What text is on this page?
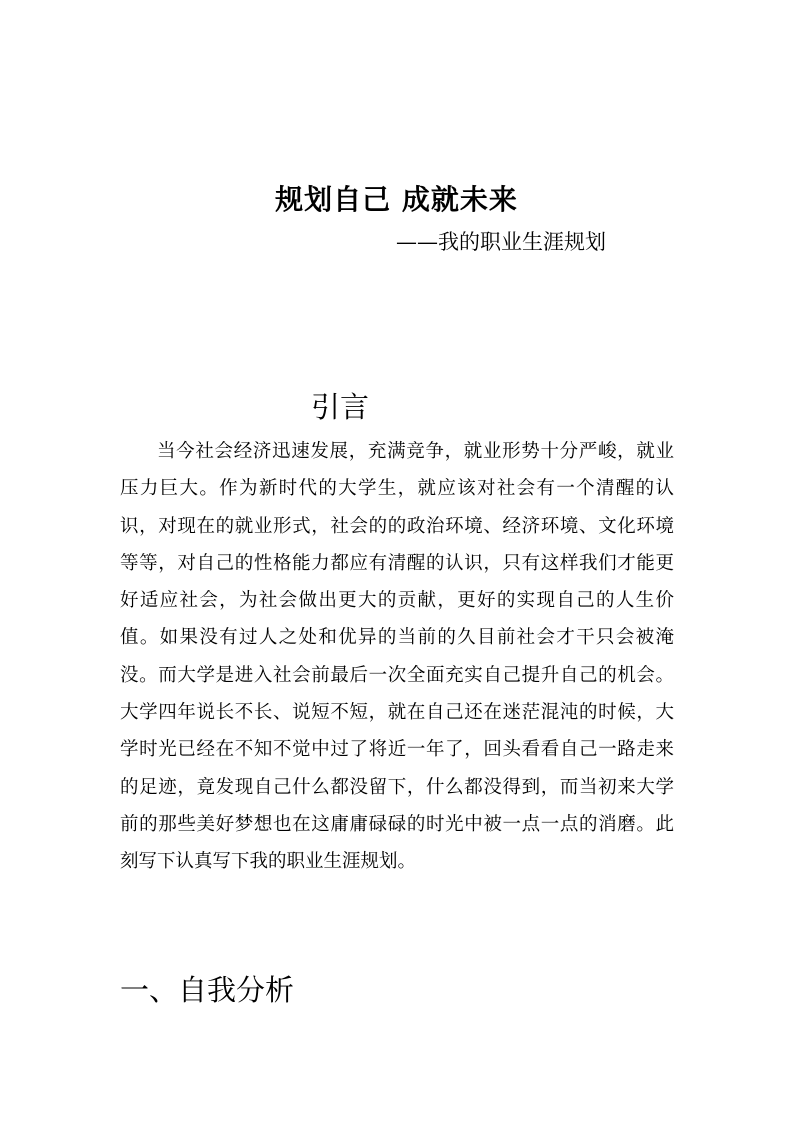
规划自己 成就未来
——我的职业生涯规划
引言
当今社会经济迅速发展，充满竞争，就业形势十分严峻，就业压力巨大。作为新时代的大学生，就应该对社会有一个清醒的认识，对现在的就业形式，社会的的政治环境、经济环境、文化环境等等，对自己的性格能力都应有清醒的认识，只有这样我们才能更好适应社会，为社会做出更大的贡献，更好的实现自己的人生价值。如果没有过人之处和优异的当前的久目前社会才干只会被淹没。而大学是进入社会前最后一次全面充实自己提升自己的机会。大学四年说长不长、说短不短，就在自己还在迷茫混沌的时候，大学时光已经在不知不觉中过了将近一年了，回头看看自己一路走来的足迹，竟发现自己什么都没留下，什么都没得到，而当初来大学前的那些美好梦想也在这庸庸碌碌的时光中被一点一点的消磨。此刻写下认真写下我的职业生涯规划。
一、自我分析
